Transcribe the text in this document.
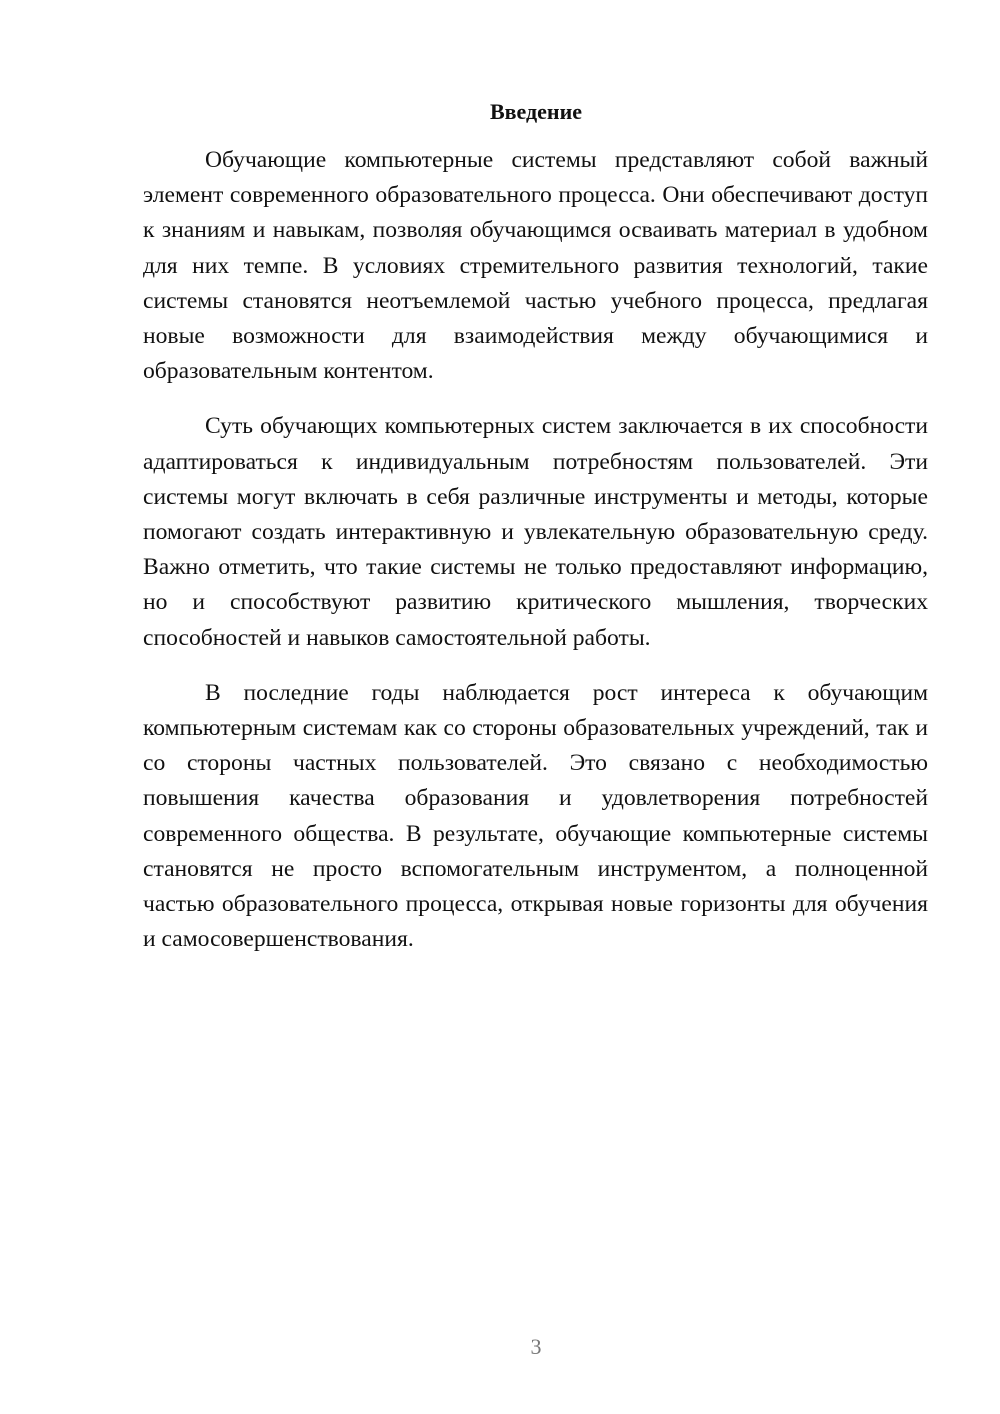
Введение

Обучающие компьютерные системы представляют собой важный элемент современного образовательного процесса. Они обеспечивают доступ к знаниям и навыкам, позволяя обучающимся осваивать материал в удобном для них темпе. В условиях стремительного развития технологий, такие системы становятся неотъемлемой частью учебного процесса, предлагая новые возможности для взаимодействия между обучающимися и образовательным контентом.

Суть обучающих компьютерных систем заключается в их способности адаптироваться к индивидуальным потребностям пользователей. Эти системы могут включать в себя различные инструменты и методы, которые помогают создать интерактивную и увлекательную образовательную среду. Важно отметить, что такие системы не только предоставляют информацию, но и способствуют развитию критического мышления, творческих способностей и навыков самостоятельной работы.

В последние годы наблюдается рост интереса к обучающим компьютерным системам как со стороны образовательных учреждений, так и со стороны частных пользователей. Это связано с необходимостью повышения качества образования и удовлетворения потребностей современного общества. В результате, обучающие компьютерные системы становятся не просто вспомогательным инструментом, а полноценной частью образовательного процесса, открывая новые горизонты для обучения и самосовершенствования.

3
